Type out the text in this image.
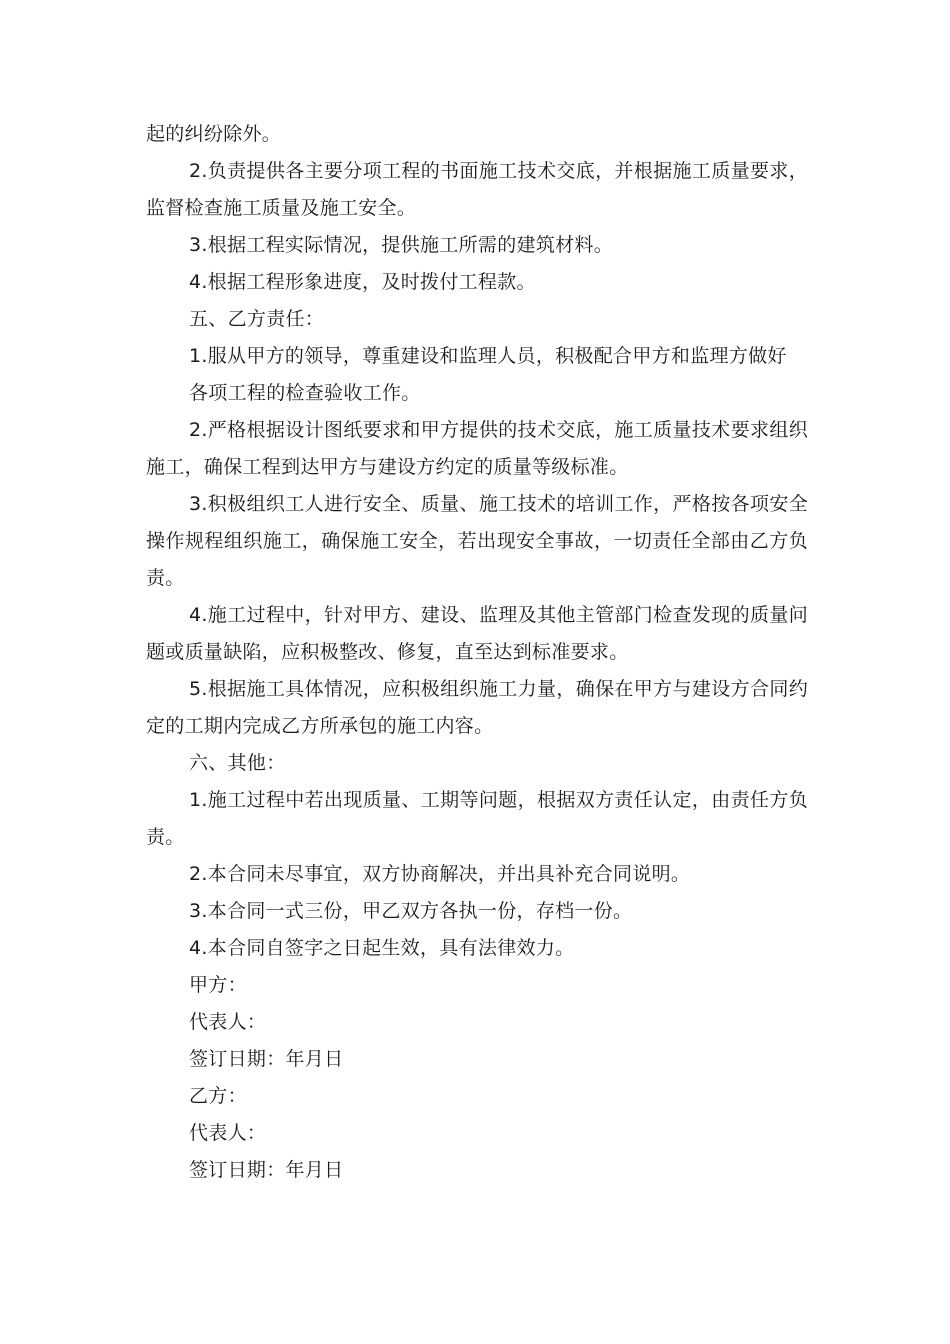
起的纠纷除外。

2.负责提供各主要分项工程的书面施工技术交底，并根据施工质量要求，监督检查施工质量及施工安全。

3.根据工程实际情况，提供施工所需的建筑材料。

4.根据工程形象进度，及时拨付工程款。

五、乙方责任：

1.服从甲方的领导，尊重建设和监理人员，积极配合甲方和监理方做好

各项工程的检查验收工作。

2.严格根据设计图纸要求和甲方提供的技术交底，施工质量技术要求组织施工，确保工程到达甲方与建设方约定的质量等级标准。

3.积极组织工人进行安全、质量、施工技术的培训工作，严格按各项安全操作规程组织施工，确保施工安全，若出现安全事故，一切责任全部由乙方负责。

4.施工过程中，针对甲方、建设、监理及其他主管部门检查发现的质量问题或质量缺陷，应积极整改、修复，直至达到标准要求。

5.根据施工具体情况，应积极组织施工力量，确保在甲方与建设方合同约定的工期内完成乙方所承包的施工内容。

六、其他：

1.施工过程中若出现质量、工期等问题，根据双方责任认定，由责任方负责。

2.本合同未尽事宜，双方协商解决，并出具补充合同说明。

3.本合同一式三份，甲乙双方各执一份，存档一份。

4.本合同自签字之日起生效，具有法律效力。

甲方：

代表人：

签订日期：年月日

乙方：

代表人：

签订日期：年月日
